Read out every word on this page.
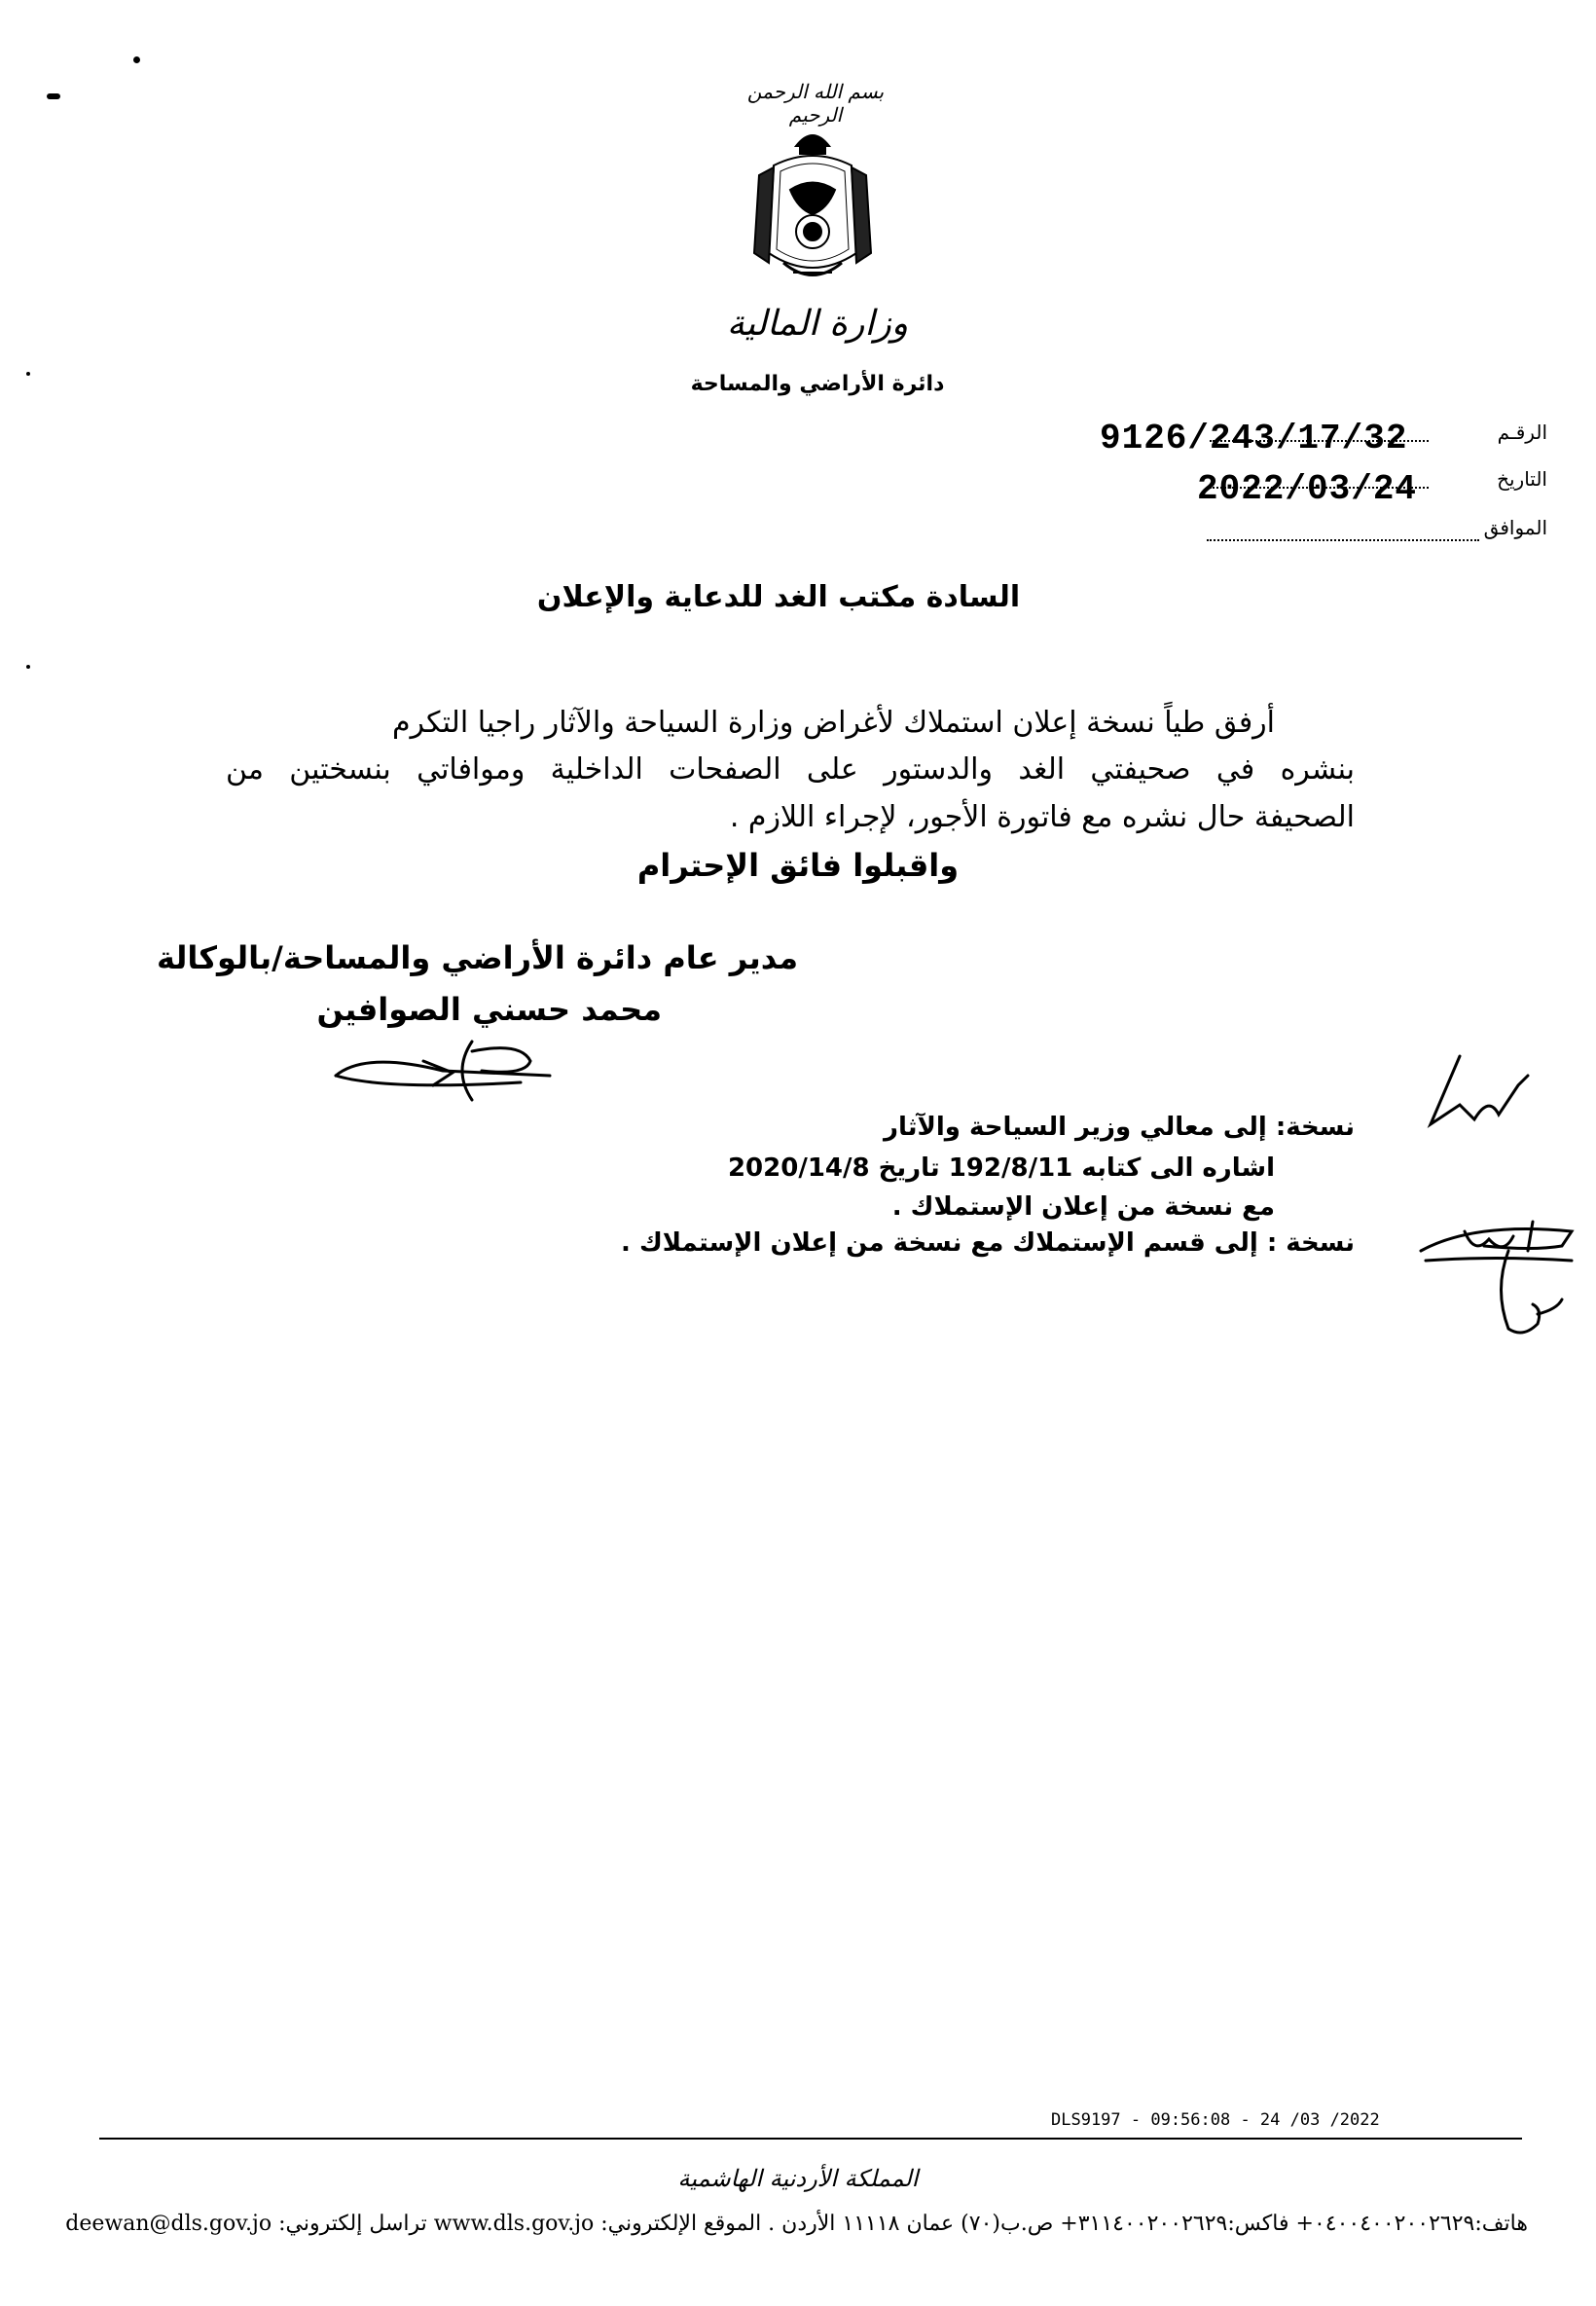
بسم الله الرحمن الرحيم
وزارة المالية
دائرة الأراضي والمساحة
الرقـم
9126/243/17/32
التاريخ
2022/03/24
الموافق
السادة مكتب الغد للدعاية والإعلان
أرفق طياً نسخة إعلان استملاك لأغراض وزارة السياحة والآثار راجيا التكرم
بنشره في صحيفتي الغد والدستور على الصفحات الداخلية وموافاتي بنسختين من
الصحيفة حال نشره مع فاتورة الأجور، لإجراء اللازم .
واقبلوا فائق الإحترام
مدير عام دائرة الأراضي والمساحة/بالوكالة
محمد حسني الصوافين
نسخة: إلى معالي وزير السياحة والآثار
اشاره الى كتابه 192/8/11 تاريخ 2020/14/8
مع نسخة من إعلان الإستملاك .
نسخة : إلى قسم الإستملاك مع نسخة من إعلان الإستملاك .
DLS9197 - 09:56:08 - 24 /03 /2022
المملكة الأردنية الهاشمية
هاتف:٠٤٠٠٤٠٠٢٠٠٢٦٢٩+ فاكس:٣١١٤٠٠٢٠٠٢٦٢٩+ ص.ب(٧٠) عمان ١١١١٨ الأردن . الموقع الإلكتروني: www.dls.gov.jo تراسل إلكتروني: deewan@dls.gov.jo
